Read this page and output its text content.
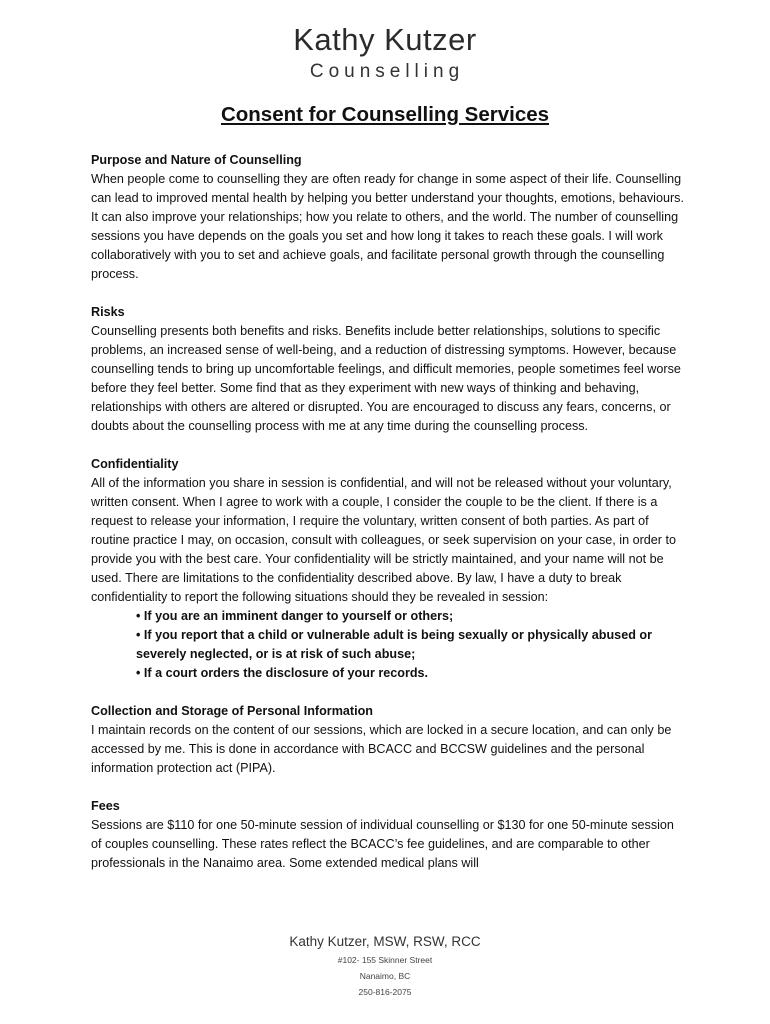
Kathy Kutzer
Counselling
Consent for Counselling Services
Purpose and Nature of Counselling
When people come to counselling they are often ready for change in some aspect of their life. Counselling can lead to improved mental health by helping you better understand your thoughts, emotions, behaviours. It can also improve your relationships; how you relate to others, and the world. The number of counselling sessions you have depends on the goals you set and how long it takes to reach these goals. I will work collaboratively with you to set and achieve goals, and facilitate personal growth through the counselling process.
Risks
Counselling presents both benefits and risks. Benefits include better relationships, solutions to specific problems, an increased sense of well-being, and a reduction of distressing symptoms. However, because counselling tends to bring up uncomfortable feelings, and difficult memories, people sometimes feel worse before they feel better. Some find that as they experiment with new ways of thinking and behaving, relationships with others are altered or disrupted. You are encouraged to discuss any fears, concerns, or doubts about the counselling process with me at any time during the counselling process.
Confidentiality
All of the information you share in session is confidential, and will not be released without your voluntary, written consent. When I agree to work with a couple, I consider the couple to be the client. If there is a request to release your information, I require the voluntary, written consent of both parties. As part of routine practice I may, on occasion, consult with colleagues, or seek supervision on your case, in order to provide you with the best care. Your confidentiality will be strictly maintained, and your name will not be used. There are limitations to the confidentiality described above. By law, I have a duty to break confidentiality to report the following situations should they be revealed in session:
• If you are an imminent danger to yourself or others;
• If you report that a child or vulnerable adult is being sexually or physically abused or severely neglected, or is at risk of such abuse;
• If a court orders the disclosure of your records.
Collection and Storage of Personal Information
I maintain records on the content of our sessions, which are locked in a secure location, and can only be accessed by me. This is done in accordance with BCACC and BCCSW guidelines and the personal information protection act (PIPA).
Fees
Sessions are $110 for one 50-minute session of individual counselling or $130 for one 50-minute session of couples counselling. These rates reflect the BCACC’s fee guidelines, and are comparable to other professionals in the Nanaimo area. Some extended medical plans will
Kathy Kutzer, MSW, RSW, RCC
#102- 155 Skinner Street
Nanaimo, BC
250-816-2075
